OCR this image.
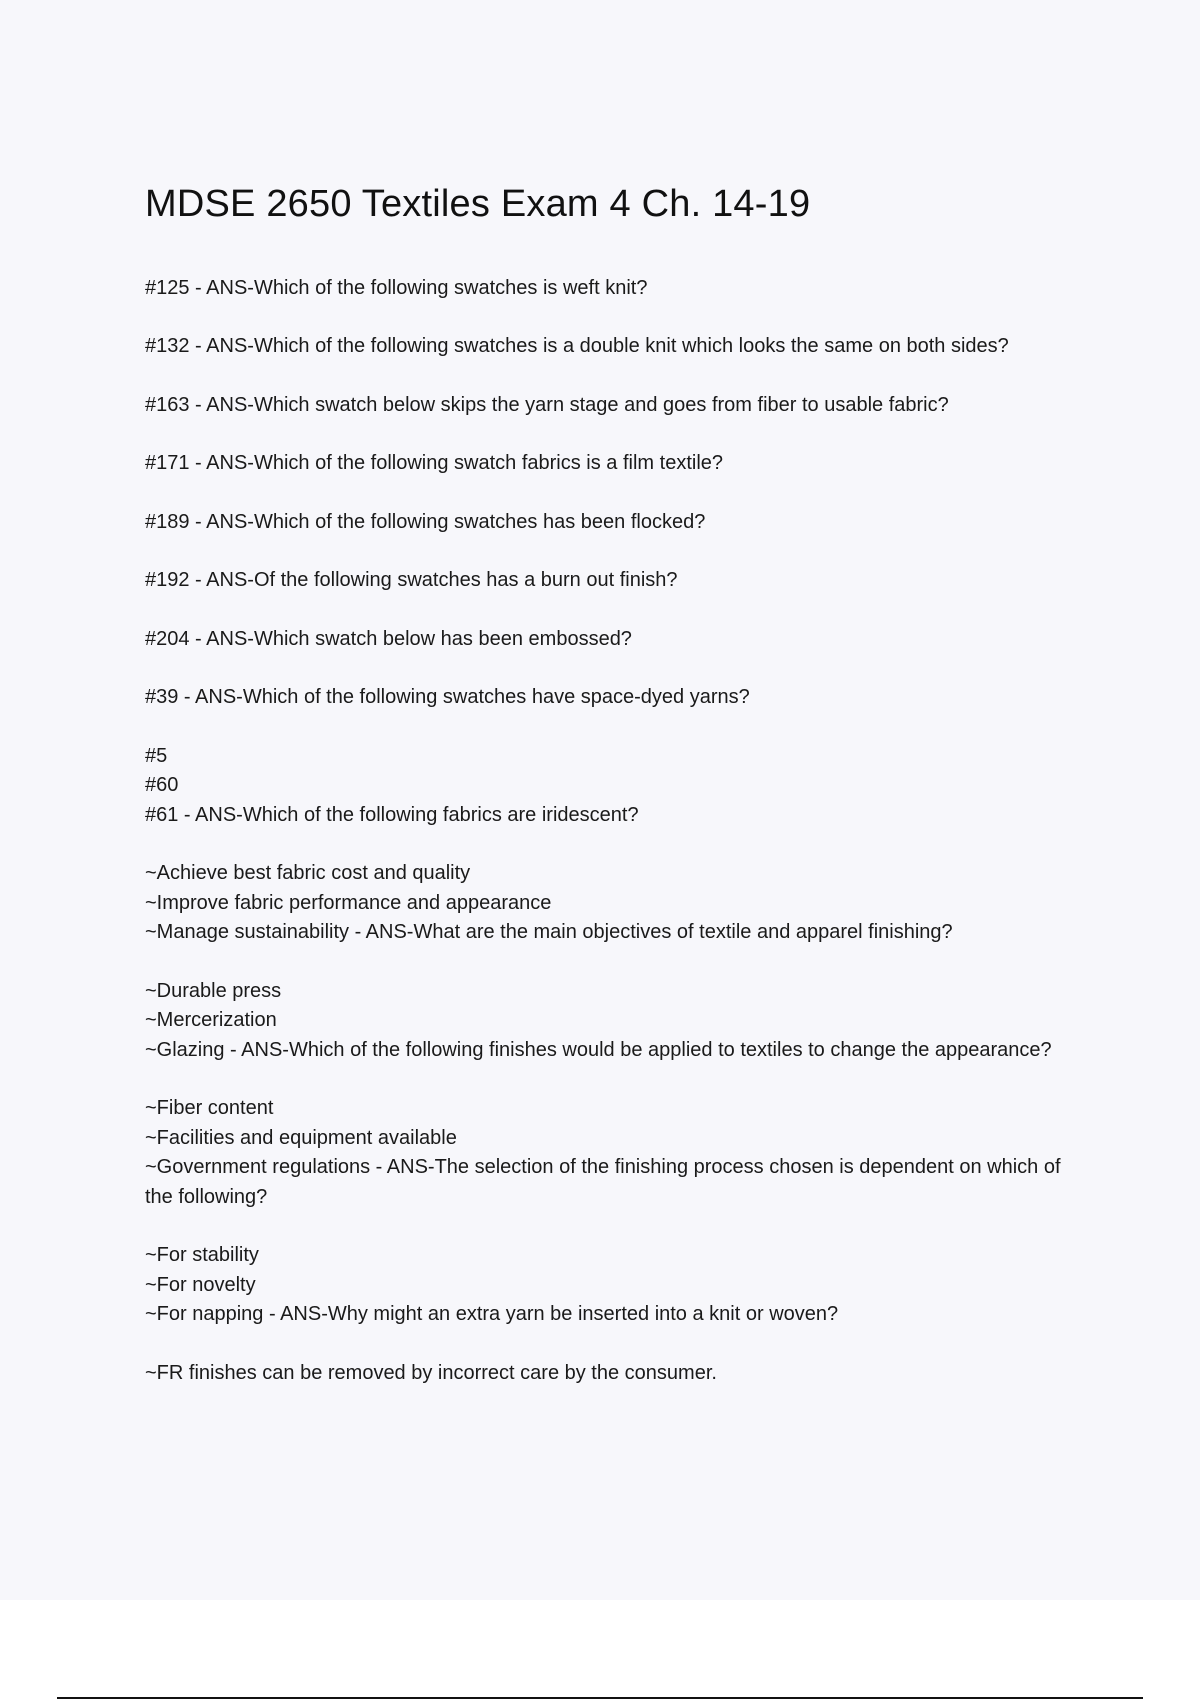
MDSE 2650 Textiles Exam 4 Ch. 14-19
#125 - ANS-Which of the following swatches is weft knit?
#132 - ANS-Which of the following swatches is a double knit which looks the same on both sides?
#163 - ANS-Which swatch below skips the yarn stage and goes from fiber to usable fabric?
#171 - ANS-Which of the following swatch fabrics is a film textile?
#189 - ANS-Which of the following swatches has been flocked?
#192 - ANS-Of the following swatches has a burn out finish?
#204 - ANS-Which swatch below has been embossed?
#39 - ANS-Which of the following swatches have space-dyed yarns?
#5
#60
#61 - ANS-Which of the following fabrics are iridescent?
~Achieve best fabric cost and quality
~Improve fabric performance and appearance
~Manage sustainability - ANS-What are the main objectives of textile and apparel finishing?
~Durable press
~Mercerization
~Glazing - ANS-Which of the following finishes would be applied to textiles to change the appearance?
~Fiber content
~Facilities and equipment available
~Government regulations - ANS-The selection of the finishing process chosen is dependent on which of the following?
~For stability
~For novelty
~For napping - ANS-Why might an extra yarn be inserted into a knit or woven?
~FR finishes can be removed by incorrect care by the consumer.
